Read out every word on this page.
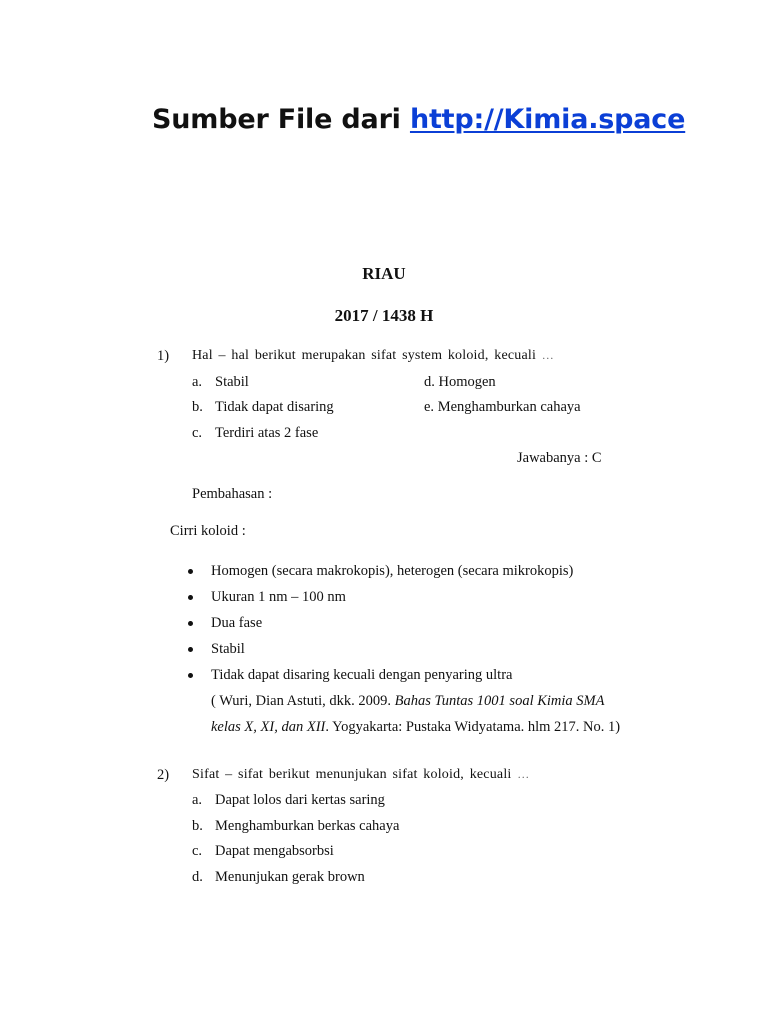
Sumber File dari http://Kimia.space
RIAU
2017 / 1438 H
1) Hal – hal berikut merupakan sifat system koloid, kecuali …
a. Stabil	d. Homogen
b. Tidak dapat disaring	e. Menghamburkan cahaya
c. Terdiri atas 2 fase
Jawabanya : C
Pembahasan :
Cirri koloid :
Homogen (secara makrokopis), heterogen (secara mikrokopis)
Ukuran 1 nm – 100 nm
Dua fase
Stabil
Tidak dapat disaring kecuali dengan penyaring ultra
( Wuri, Dian Astuti, dkk. 2009. Bahas Tuntas 1001 soal Kimia SMA
kelas X, XI, dan XII. Yogyakarta: Pustaka Widyatama. hlm 217. No. 1)
2) Sifat – sifat berikut menunjukan sifat koloid, kecuali …
a. Dapat lolos dari kertas saring
b. Menghamburkan berkas cahaya
c. Dapat mengabsorbsi
d. Menunjukan gerak brown
